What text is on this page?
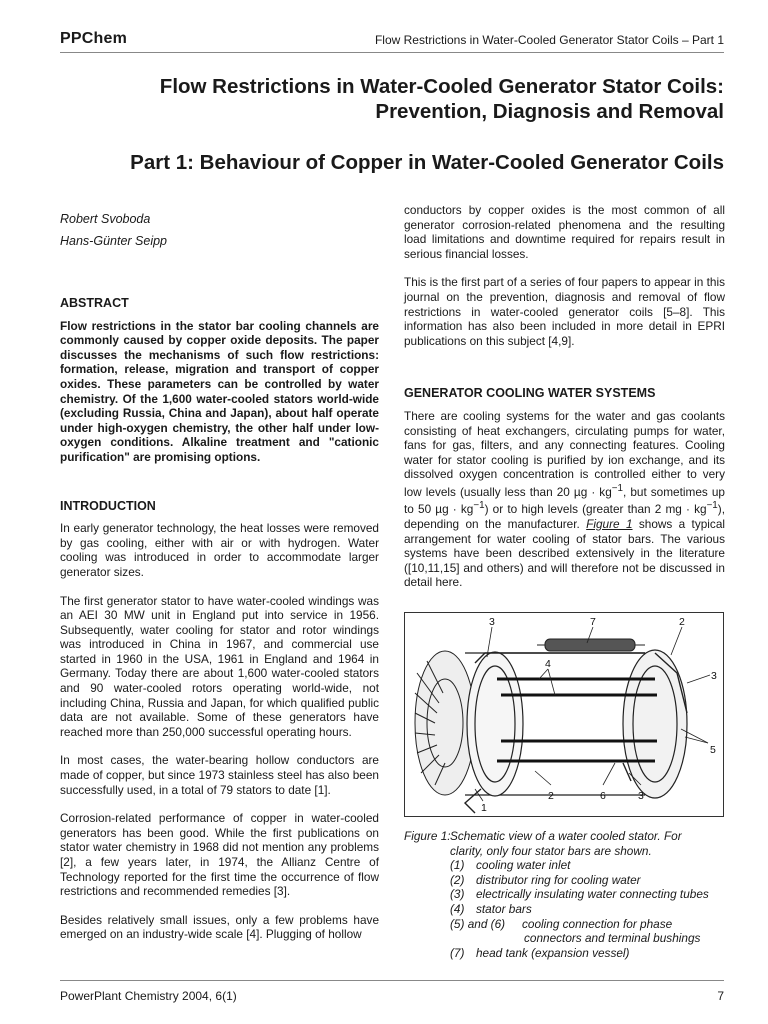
PPChem	Flow Restrictions in Water-Cooled Generator Stator Coils – Part 1
Flow Restrictions in Water-Cooled Generator Stator Coils:
Prevention, Diagnosis and Removal
Part 1: Behaviour of Copper in Water-Cooled Generator Coils
Robert Svoboda
Hans-Günter Seipp
ABSTRACT

Flow restrictions in the stator bar cooling channels are commonly caused by copper oxide deposits. The paper discusses the mechanisms of such flow restrictions: formation, release, migration and transport of copper oxides. These parameters can be controlled by water chemistry. Of the 1,600 water-cooled stators world-wide (excluding Russia, China and Japan), about half operate under high-oxygen chemistry, the other half under low-oxygen conditions. Alkaline treatment and "cationic purification" are promising options.

INTRODUCTION

In early generator technology, the heat losses were removed by gas cooling, either with air or with hydrogen. Water cooling was introduced in order to accommodate larger generator sizes.

The first generator stator to have water-cooled windings was an AEI 30 MW unit in England put into service in 1956. Subsequently, water cooling for stator and rotor windings was introduced in China in 1967, and commercial use started in 1960 in the USA, 1961 in England and 1964 in Germany. Today there are about 1,600 water-cooled stators and 90 water-cooled rotors operating world-wide, not including China, Russia and Japan, for which qualified public data are not available. Some of these generators have reached more than 250,000 successful operating hours.

In most cases, the water-bearing hollow conductors are made of copper, but since 1973 stainless steel has also been successfully used, in a total of 79 stators to date [1].

Corrosion-related performance of copper in water-cooled generators has been good. While the first publications on stator water chemistry in 1968 did not mention any problems [2], a few years later, in 1974, the Allianz Centre of Technology reported for the first time the occurrence of flow restrictions and recommended remedies [3].

Besides relatively small issues, only a few problems have emerged on an industry-wide scale [4]. Plugging of hollow

conductors by copper oxides is the most common of all generator corrosion-related phenomena and the resulting load limitations and downtime required for repairs result in serious financial losses.

This is the first part of a series of four papers to appear in this journal on the prevention, diagnosis and removal of flow restrictions in water-cooled generator coils [5–8]. This information has also been included in more detail in EPRI publications on this subject [4,9].

GENERATOR COOLING WATER SYSTEMS

There are cooling systems for the water and gas coolants consisting of heat exchangers, circulating pumps for water, fans for gas, filters, and any connecting features. Cooling water for stator cooling is purified by ion exchange, and its dissolved oxygen concentration is controlled either to very low levels (usually less than 20 $\mu g \cdot kg^{-1}$, but sometimes up to 50 $\mu g \cdot kg^{-1}$) or to high levels (greater than 2 mg · $kg^{-1}$), depending on the manufacturer. Figure 1 shows a typical arrangement for water cooling of stator bars. The various systems have been described extensively in the literature ([10,11,15] and others) and will therefore not be discussed in detail here.

3	7	2
4
3
5
2	6	3
1
Figure 1:Schematic view of a water cooled stator. For
clarity, only four stator bars are shown.
(1) cooling water inlet
(2) distributor ring for cooling water
(3) electrically insulating water connecting tubes
(4) stator bars
(5) and (6) cooling connection for phase
connectors and terminal bushings
(7) head tank (expansion vessel)
PowerPlant Chemistry 2004, 6(1)	7
